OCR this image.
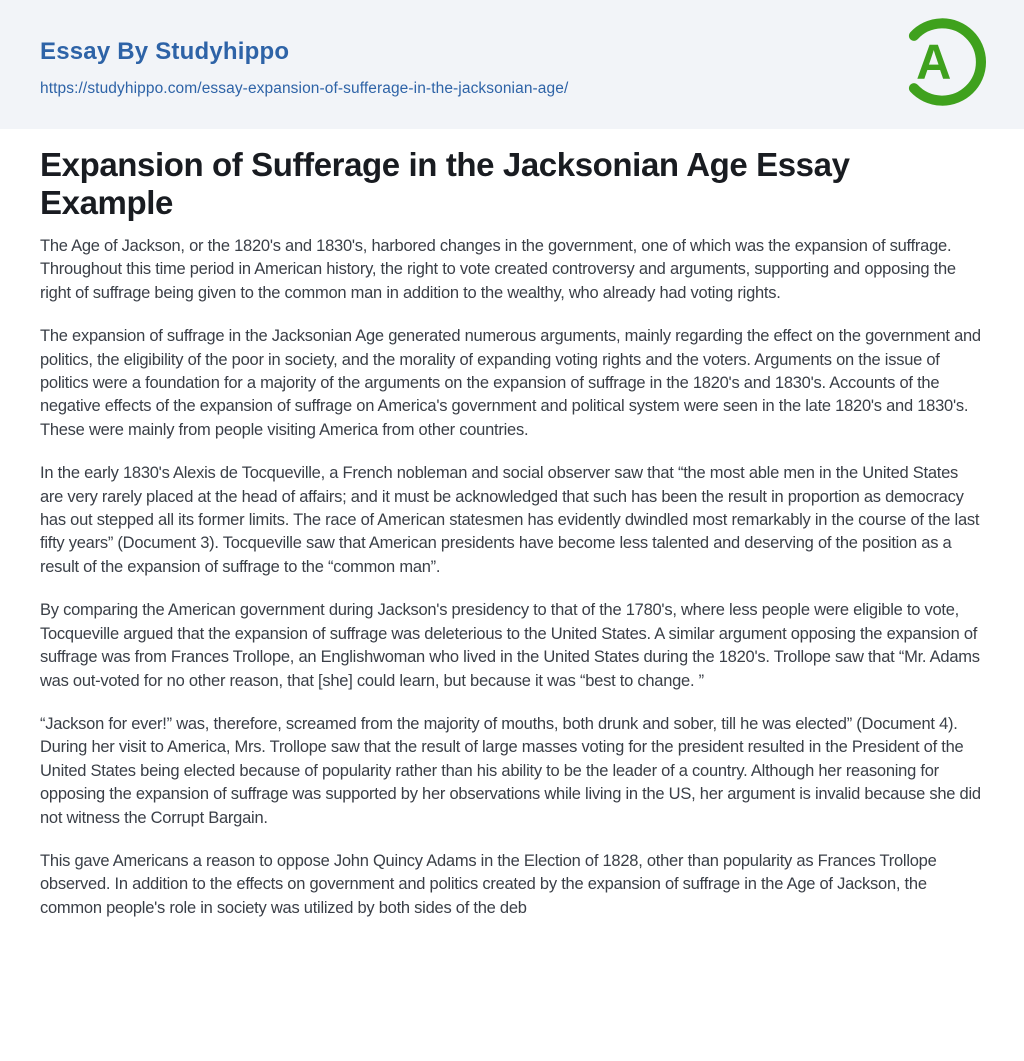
Essay By Studyhippo
https://studyhippo.com/essay-expansion-of-sufferage-in-the-jacksonian-age/	A
Expansion of Sufferage in the Jacksonian Age Essay Example

The Age of Jackson, or the 1820's and 1830's, harbored changes in the government, one of which was the expansion of suffrage. Throughout this time period in American history, the right to vote created controversy and arguments, supporting and opposing the right of suffrage being given to the common man in addition to the wealthy, who already had voting rights.

The expansion of suffrage in the Jacksonian Age generated numerous arguments, mainly regarding the effect on the government and politics, the eligibility of the poor in society, and the morality of expanding voting rights and the voters. Arguments on the issue of politics were a foundation for a majority of the arguments on the expansion of suffrage in the 1820's and 1830's. Accounts of the negative effects of the expansion of suffrage on America's government and political system were seen in the late 1820's and 1830's. These were mainly from people visiting America from other countries.

In the early 1830's Alexis de Tocqueville, a French nobleman and social observer saw that “the most able men in the United States are very rarely placed at the head of affairs; and it must be acknowledged that such has been the result in proportion as democracy has out stepped all its former limits. The race of American statesmen has evidently dwindled most remarkably in the course of the last fifty years” (Document 3). Tocqueville saw that American presidents have become less talented and deserving of the position as a result of the expansion of suffrage to the “common man”.

By comparing the American government during Jackson's presidency to that of the 1780's, where less people were eligible to vote, Tocqueville argued that the expansion of suffrage was deleterious to the United States. A similar argument opposing the expansion of suffrage was from Frances Trollope, an Englishwoman who lived in the United States during the 1820's. Trollope saw that “Mr. Adams was out-voted for no other reason, that [she] could learn, but because it was “best to change. ”

“Jackson for ever!” was, therefore, screamed from the majority of mouths, both drunk and sober, till he was elected” (Document 4). During her visit to America, Mrs. Trollope saw that the result of large masses voting for the president resulted in the President of the United States being elected because of popularity rather than his ability to be the leader of a country. Although her reasoning for opposing the expansion of suffrage was supported by her observations while living in the US, her argument is invalid because she did not witness the Corrupt Bargain.

This gave Americans a reason to oppose John Quincy Adams in the Election of 1828, other than popularity as Frances Trollope observed. In addition to the effects on government and politics created by the expansion of suffrage in the Age of Jackson, the common people's role in society was utilized by both sides of the deb
